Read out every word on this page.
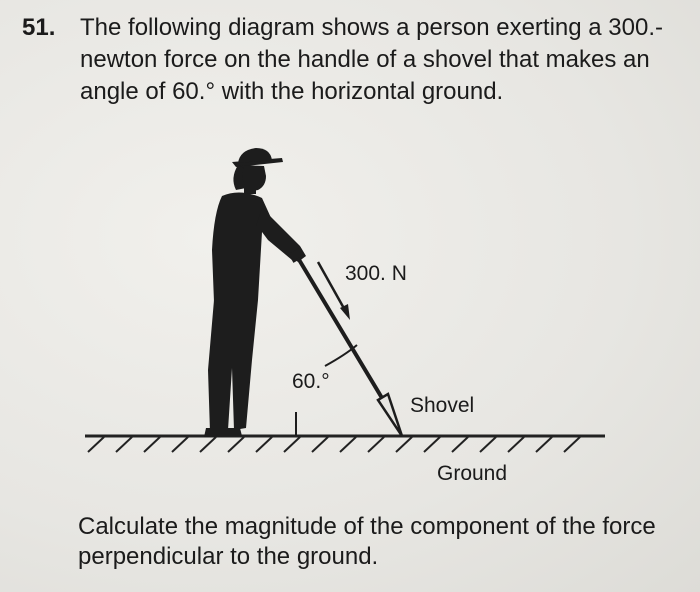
51.	The following diagram shows a person exerting a 300.-newton force on the handle of a shovel that makes an angle of 60.° with the horizontal ground.
300. N
60.°
Shovel
Ground
Calculate the magnitude of the component of the force perpendicular to the ground.
